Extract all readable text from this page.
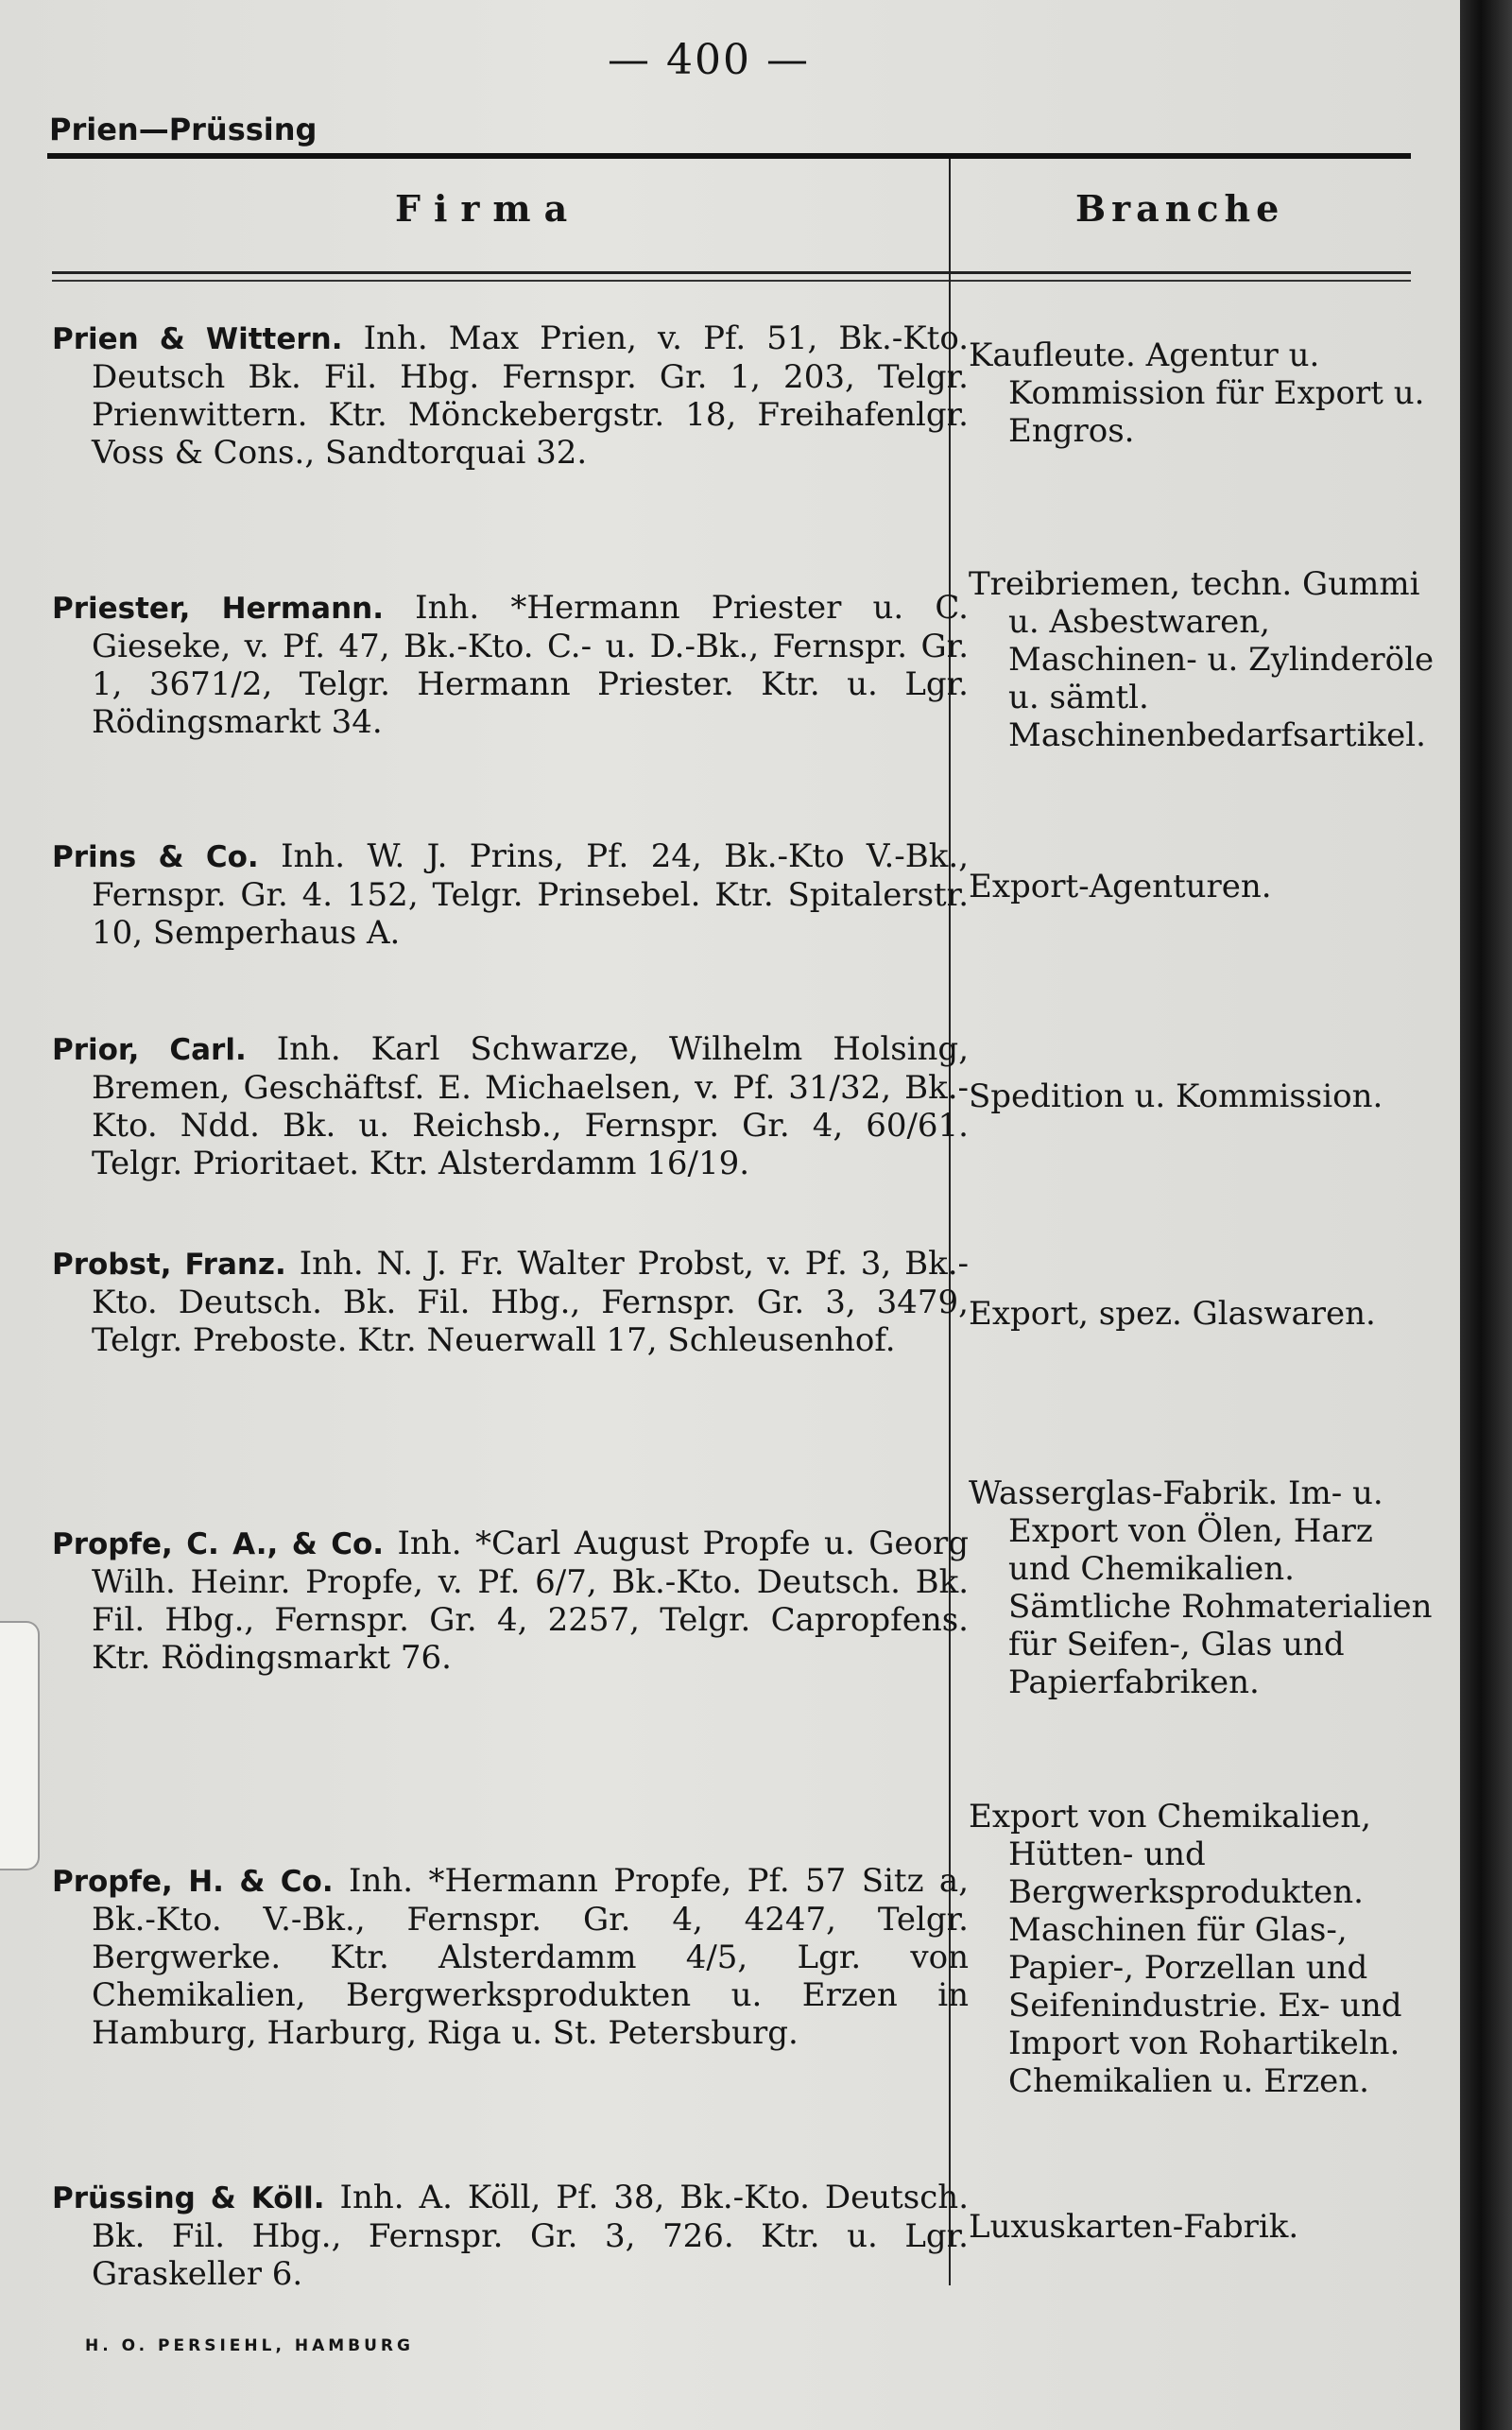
— 400 —
Prien—Prüssing
Firma	Branche

Prien & Wittern. Inh. Max Prien, v. Pf. 51, Bk.-Kto. Deutsch Bk. Fil. Hbg. Fernspr. Gr. 1, 203, Telgr. Prienwittern. Ktr. Mönckebergstr. 18, Freihafenlgr. Voss & Cons., Sandtorquai 32.

Kaufleute. Agentur u. Kommission für Export u. Engros.

Priester, Hermann. Inh. *Hermann Priester u. C. Gieseke, v. Pf. 47, Bk.-Kto. C.- u. D.-Bk., Fernspr. Gr. 1, 3671/2, Telgr. Hermann Priester. Ktr. u. Lgr. Rödingsmarkt 34.

Treibriemen, techn. Gummi u. Asbestwaren, Maschinen- u. Zylinderöle u. sämtl. Maschinenbedarfsartikel.

Prins & Co. Inh. W. J. Prins, Pf. 24, Bk.-Kto V.-Bk., Fernspr. Gr. 4. 152, Telgr. Prinsebel. Ktr. Spitalerstr. 10, Semperhaus A.

Export-Agenturen.

Prior, Carl. Inh. Karl Schwarze, Wilhelm Holsing, Bremen, Geschäftsf. E. Michaelsen, v. Pf. 31/32, Bk.-Kto. Ndd. Bk. u. Reichsb., Fernspr. Gr. 4, 60/61. Telgr. Prioritaet. Ktr. Alsterdamm 16/19.

Spedition u. Kommission.

Probst, Franz. Inh. N. J. Fr. Walter Probst, v. Pf. 3, Bk.-Kto. Deutsch. Bk. Fil. Hbg., Fernspr. Gr. 3, 3479, Telgr. Preboste. Ktr. Neuerwall 17, Schleusenhof.

Export, spez. Glaswaren.

Propfe, C. A., & Co. Inh. *Carl August Propfe u. Georg Wilh. Heinr. Propfe, v. Pf. 6/7, Bk.-Kto. Deutsch. Bk. Fil. Hbg., Fernspr. Gr. 4, 2257, Telgr. Capropfens. Ktr. Rödingsmarkt 76.

Wasserglas-Fabrik. Im- u. Export von Ölen, Harz und Chemikalien. Sämtliche Rohmaterialien für Seifen-, Glas und Papierfabriken.

Propfe, H. & Co. Inh. *Hermann Propfe, Pf. 57 Sitz a, Bk.-Kto. V.-Bk., Fernspr. Gr. 4, 4247, Telgr. Bergwerke. Ktr. Alsterdamm 4/5, Lgr. von Chemikalien, Bergwerksprodukten u. Erzen in Hamburg, Harburg, Riga u. St. Petersburg.

Export von Chemikalien, Hütten- und Bergwerksprodukten. Maschinen für Glas-, Papier-, Porzellan und Seifenindustrie. Ex- und Import von Rohartikeln. Chemikalien u. Erzen.

Prüssing & Köll. Inh. A. Köll, Pf. 38, Bk.-Kto. Deutsch. Bk. Fil. Hbg., Fernspr. Gr. 3, 726. Ktr. u. Lgr. Graskeller 6.

Luxuskarten-Fabrik.

H. O. PERSIEHL, HAMBURG
